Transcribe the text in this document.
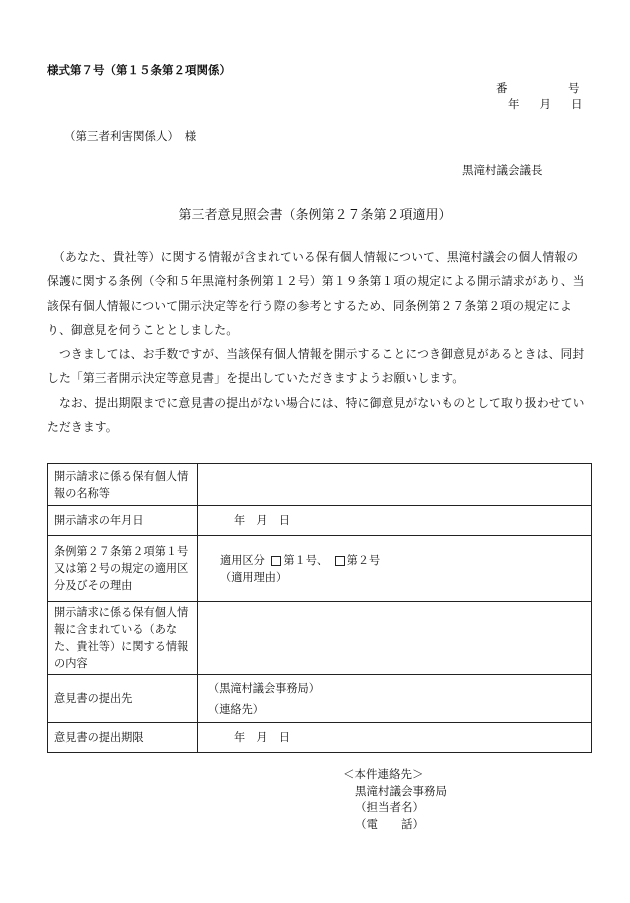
様式第７号（第１５条第２項関係）
番	号
年 月 日
（第三者利害関係人）　様
黒滝村議会議長
第三者意見照会書（条例第２７条第２項適用）

　（あなた、貴社等）に関する情報が含まれている保有個人情報について、黒滝村議会の個人情報の保護に関する条例（令和５年黒滝村条例第１２号）第１９条第１項の規定による開示請求があり、当該保有個人情報について開示決定等を行う際の参考とするため、同条例第２７条第２項の規定により、御意見を伺うこととしました。

　つきましては、お手数ですが、当該保有個人情報を開示することにつき御意見があるときは、同封した「第三者開示決定等意見書」を提出していただきますようお願いします。

　なお、提出期限までに意見書の提出がない場合には、特に御意見がないものとして取り扱わせていただきます。

開示請求に係る保有個人情報の名称等	
開示請求の年月日	年　月　日
条例第２７条第２項第１号又は第２号の規定の適用区分及びその理由	適用区分 第１号、 第２号
（適用理由）

開示請求に係る保有個人情報に含まれている（あなた、貴社等）に関する情報の内容	
意見書の提出先	（黒滝村議会事務局）
（連絡先）

意見書の提出期限	年　月　日
＜本件連絡先＞
黒滝村議会事務局
（担当者名）
（電　　話）
